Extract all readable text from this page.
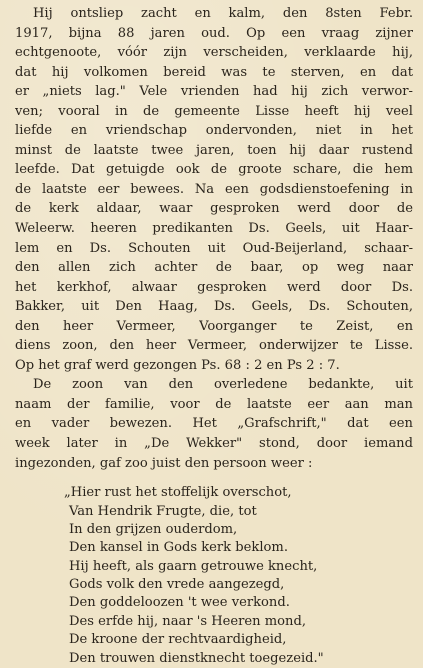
Hij ontsliep zacht en kalm, den 8sten Febr.
1917, bijna 88 jaren oud. Op een vraag zijner
echtgenoote, vóór zijn verscheiden, verklaarde hij,
dat hij volkomen bereid was te sterven, en dat
er „niets lag." Vele vrienden had hij zich verwor-
ven; vooral in de gemeente Lisse heeft hij veel
liefde en vriendschap ondervonden, niet in het
minst de laatste twee jaren, toen hij daar rustend
leefde. Dat getuigde ook de groote schare, die hem
de laatste eer bewees. Na een godsdienstoefening in
de kerk aldaar, waar gesproken werd door de
Weleerw. heeren predikanten Ds. Geels, uit Haar-
lem en Ds. Schouten uit Oud-Beijerland, schaar-
den allen zich achter de baar, op weg naar
het kerkhof, alwaar gesproken werd door Ds.
Bakker, uit Den Haag, Ds. Geels, Ds. Schouten,
den heer Vermeer, Voorganger te Zeist, en
diens zoon, den heer Vermeer, onderwijzer te Lisse.
Op het graf werd gezongen Ps. 68 : 2 en Ps 2 : 7.
De zoon van den overledene bedankte, uit
naam der familie, voor de laatste eer aan man
en vader bewezen. Het „Grafschrift," dat een
week later in „De Wekker" stond, door iemand
ingezonden, gaf zoo juist den persoon weer :
„Hier rust het stoffelijk overschot,
Van Hendrik Frugte, die, tot
In den grijzen ouderdom,
Den kansel in Gods kerk beklom.
Hij heeft, als gaarn getrouwe knecht,
Gods volk den vrede aangezegd,
Den goddeloozen 't wee verkond.
Des erfde hij, naar 's Heeren mond,
De kroone der rechtvaardigheid,
Den trouwen dienstknecht toegezeid."
